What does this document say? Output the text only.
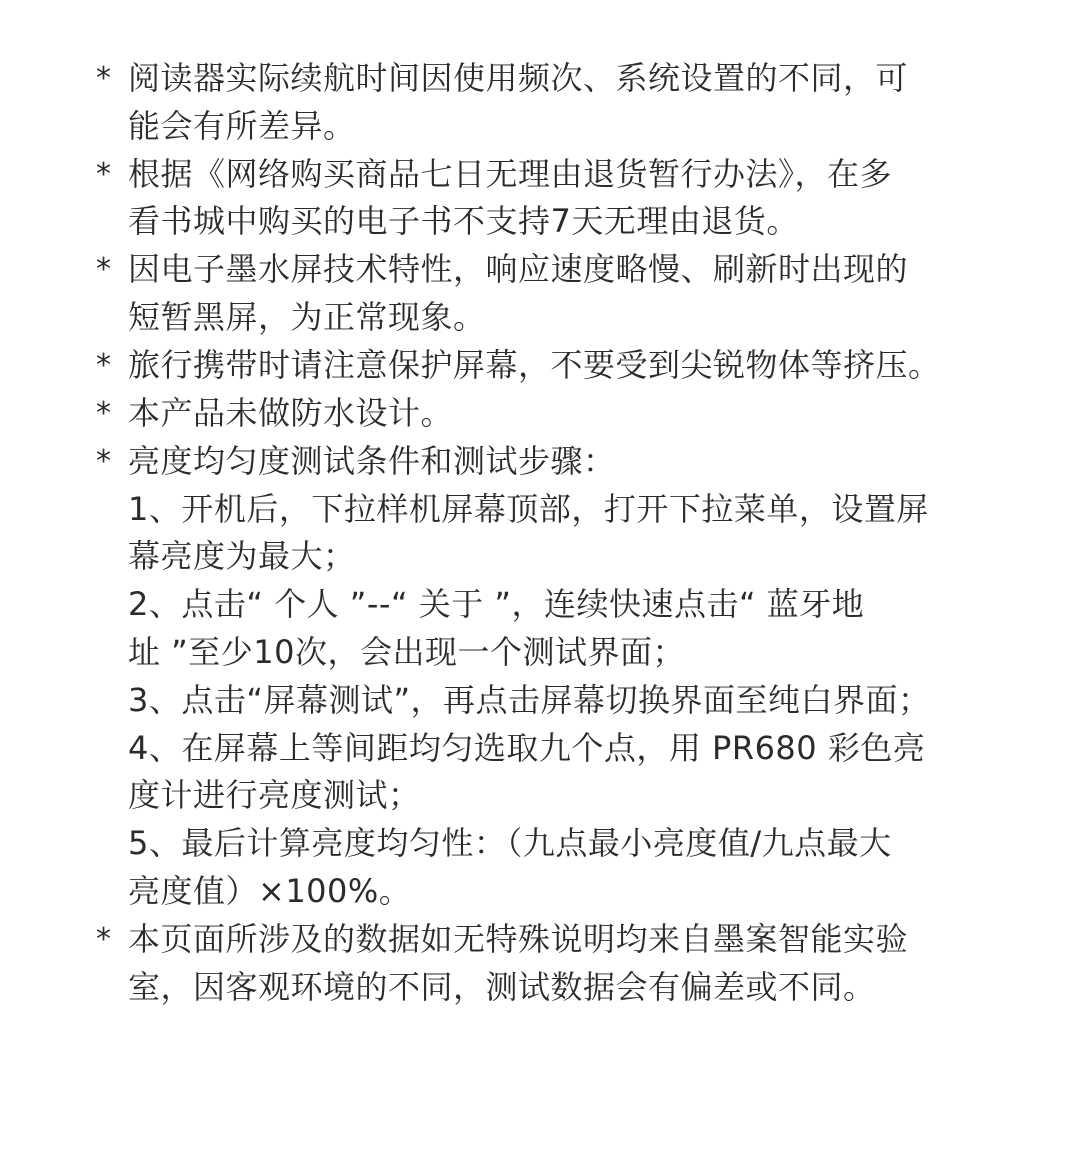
* 阅读器实际续航时间因使用频次、系统设置的不同，可
能会有所差异。
* 根据《网络购买商品七日无理由退货暂行办法》，在多
看书城中购买的电子书不支持7天无理由退货。
* 因电子墨水屏技术特性，响应速度略慢、刷新时出现的
短暂黑屏，为正常现象。
* 旅行携带时请注意保护屏幕，不要受到尖锐物体等挤压。
* 本产品未做防水设计。
* 亮度均匀度测试条件和测试步骤：
1、开机后，下拉样机屏幕顶部，打开下拉菜单，设置屏
幕亮度为最大；
2、点击“ 个人 ”--“ 关于 ”，连续快速点击“ 蓝牙地
址 ”至少10次，会出现一个测试界面；
3、点击“屏幕测试”，再点击屏幕切换界面至纯白界面；
4、在屏幕上等间距均匀选取九个点，用 PR680 彩色亮
度计进行亮度测试；
5、最后计算亮度均匀性：（九点最小亮度值/九点最大
亮度值）×100%。
* 本页面所涉及的数据如无特殊说明均来自墨案智能实验
室，因客观环境的不同，测试数据会有偏差或不同。
